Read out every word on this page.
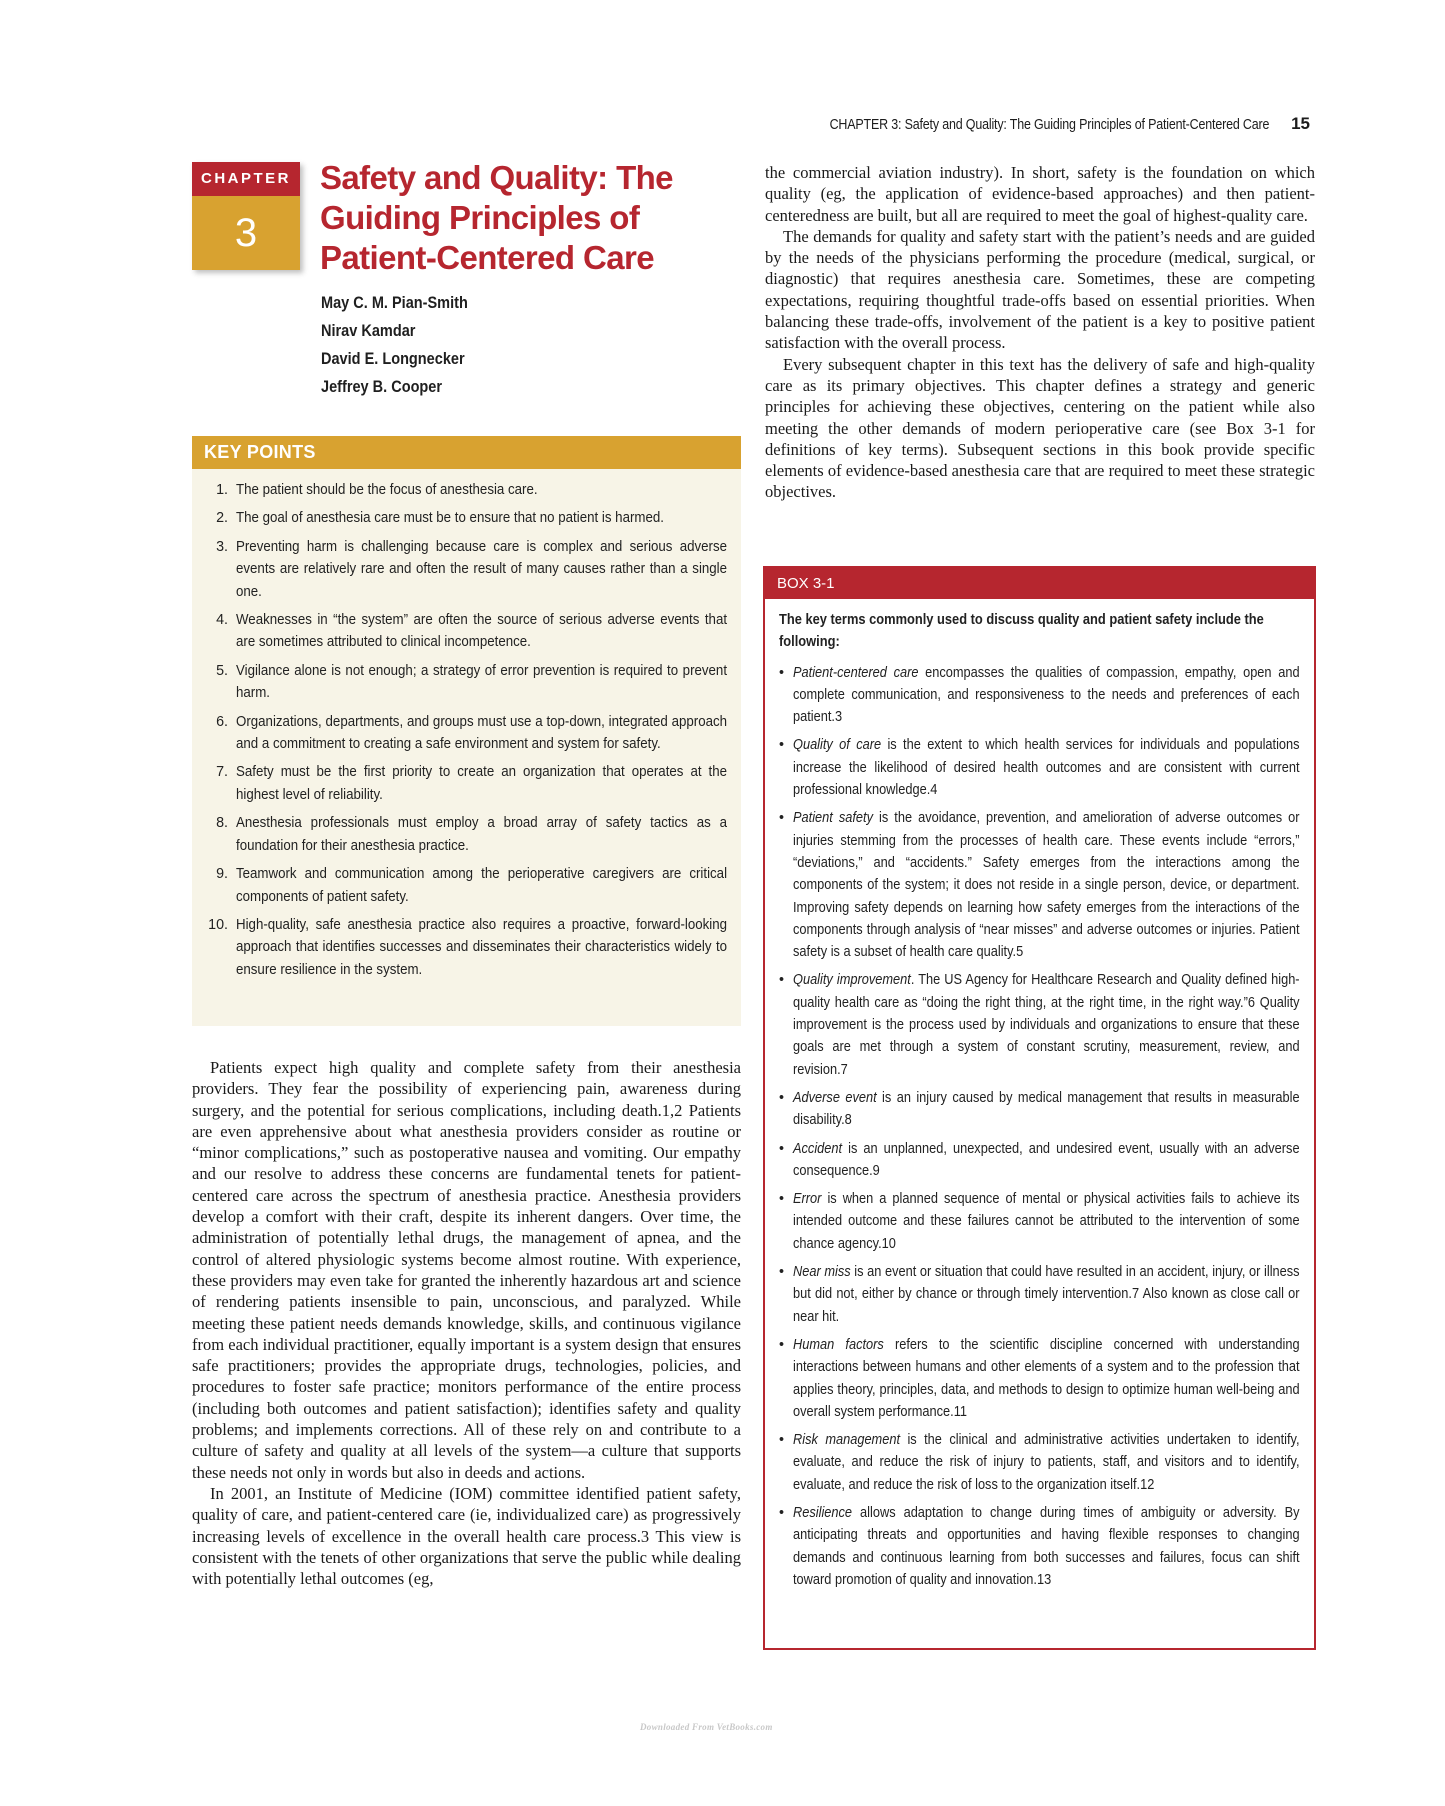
CHAPTER 3: Safety and Quality: The Guiding Principles of Patient-Centered Care 15
CHAPTER
3
Safety and Quality: The Guiding Principles of Patient-Centered Care
May C. M. Pian-Smith
Nirav Kamdar
David E. Longnecker
Jeffrey B. Cooper
KEY POINTS
1. The patient should be the focus of anesthesia care.
2. The goal of anesthesia care must be to ensure that no patient is harmed.
3. Preventing harm is challenging because care is complex and serious adverse events are relatively rare and often the result of many causes rather than a single one.
4. Weaknesses in “the system” are often the source of serious adverse events that are sometimes attributed to clinical incompetence.
5. Vigilance alone is not enough; a strategy of error prevention is required to prevent harm.
6. Organizations, departments, and groups must use a top-down, integrated approach and a commitment to creating a safe environment and system for safety.
7. Safety must be the first priority to create an organization that operates at the highest level of reliability.
8. Anesthesia professionals must employ a broad array of safety tactics as a foundation for their anesthesia practice.
9. Teamwork and communication among the perioperative caregivers are critical components of patient safety.
10. High-quality, safe anesthesia practice also requires a proactive, forward-looking approach that identifies successes and disseminates their characteristics widely to ensure resilience in the system.

Patients expect high quality and complete safety from their anesthesia providers. They fear the possibility of experiencing pain, awareness during surgery, and the potential for serious complications, including death.1,2 Patients are even apprehensive about what anesthesia providers consider as routine or “minor complications,” such as postoperative nausea and vomiting. Our empathy and our resolve to address these concerns are fundamental tenets for patient-centered care across the spectrum of anesthesia practice. Anesthesia providers develop a comfort with their craft, despite its inherent dangers. Over time, the administration of potentially lethal drugs, the management of apnea, and the control of altered physiologic systems become almost routine. With experience, these providers may even take for granted the inherently hazardous art and science of rendering patients insensible to pain, unconscious, and paralyzed. While meeting these patient needs demands knowledge, skills, and continuous vigilance from each individual practitioner, equally important is a system design that ensures safe practitioners; provides the appropriate drugs, technologies, policies, and procedures to foster safe practice; monitors performance of the entire process (including both outcomes and patient satisfaction); identifies safety and quality problems; and implements corrections. All of these rely on and contribute to a culture of safety and quality at all levels of the system—a culture that supports these needs not only in words but also in deeds and actions.

In 2001, an Institute of Medicine (IOM) committee identified patient safety, quality of care, and patient-centered care (ie, individualized care) as progressively increasing levels of excellence in the overall health care process.3 This view is consistent with the tenets of other organizations that serve the public while dealing with potentially lethal outcomes (eg,

the commercial aviation industry). In short, safety is the foundation on which quality (eg, the application of evidence-based approaches) and then patient-centeredness are built, but all are required to meet the goal of highest-quality care.

The demands for quality and safety start with the patient’s needs and are guided by the needs of the physicians performing the procedure (medical, surgical, or diagnostic) that requires anesthesia care. Sometimes, these are competing expectations, requiring thoughtful trade-offs based on essential priorities. When balancing these trade-offs, involvement of the patient is a key to positive patient satisfaction with the overall process.

Every subsequent chapter in this text has the delivery of safe and high-quality care as its primary objectives. This chapter defines a strategy and generic principles for achieving these objectives, centering on the patient while also meeting the other demands of modern perioperative care (see Box 3-1 for definitions of key terms). Subsequent sections in this book provide specific elements of evidence-based anesthesia care that are required to meet these strategic objectives.

BOX 3-1

The key terms commonly used to discuss quality and patient safety include the following:

• Patient-centered care encompasses the qualities of compassion, empathy, open and complete communication, and responsiveness to the needs and preferences of each patient.3
• Quality of care is the extent to which health services for individuals and populations increase the likelihood of desired health outcomes and are consistent with current professional knowledge.4
• Patient safety is the avoidance, prevention, and amelioration of adverse outcomes or injuries stemming from the processes of health care. These events include “errors,” “deviations,” and “accidents.” Safety emerges from the interactions among the components of the system; it does not reside in a single person, device, or department. Improving safety depends on learning how safety emerges from the interactions of the components through analysis of “near misses” and adverse outcomes or injuries. Patient safety is a subset of health care quality.5
• Quality improvement. The US Agency for Healthcare Research and Quality defined high-quality health care as “doing the right thing, at the right time, in the right way.”6 Quality improvement is the process used by individuals and organizations to ensure that these goals are met through a system of constant scrutiny, measurement, review, and revision.7
• Adverse event is an injury caused by medical management that results in measurable disability.8
• Accident is an unplanned, unexpected, and undesired event, usually with an adverse consequence.9
• Error is when a planned sequence of mental or physical activities fails to achieve its intended outcome and these failures cannot be attributed to the intervention of some chance agency.10
• Near miss is an event or situation that could have resulted in an accident, injury, or illness but did not, either by chance or through timely intervention.7 Also known as close call or near hit.
• Human factors refers to the scientific discipline concerned with understanding interactions between humans and other elements of a system and to the profession that applies theory, principles, data, and methods to design to optimize human well-being and overall system performance.11
• Risk management is the clinical and administrative activities undertaken to identify, evaluate, and reduce the risk of injury to patients, staff, and visitors and to identify, evaluate, and reduce the risk of loss to the organization itself.12
• Resilience allows adaptation to change during times of ambiguity or adversity. By anticipating threats and opportunities and having flexible responses to changing demands and continuous learning from both successes and failures, focus can shift toward promotion of quality and innovation.13
Downloaded From VetBooks.com
